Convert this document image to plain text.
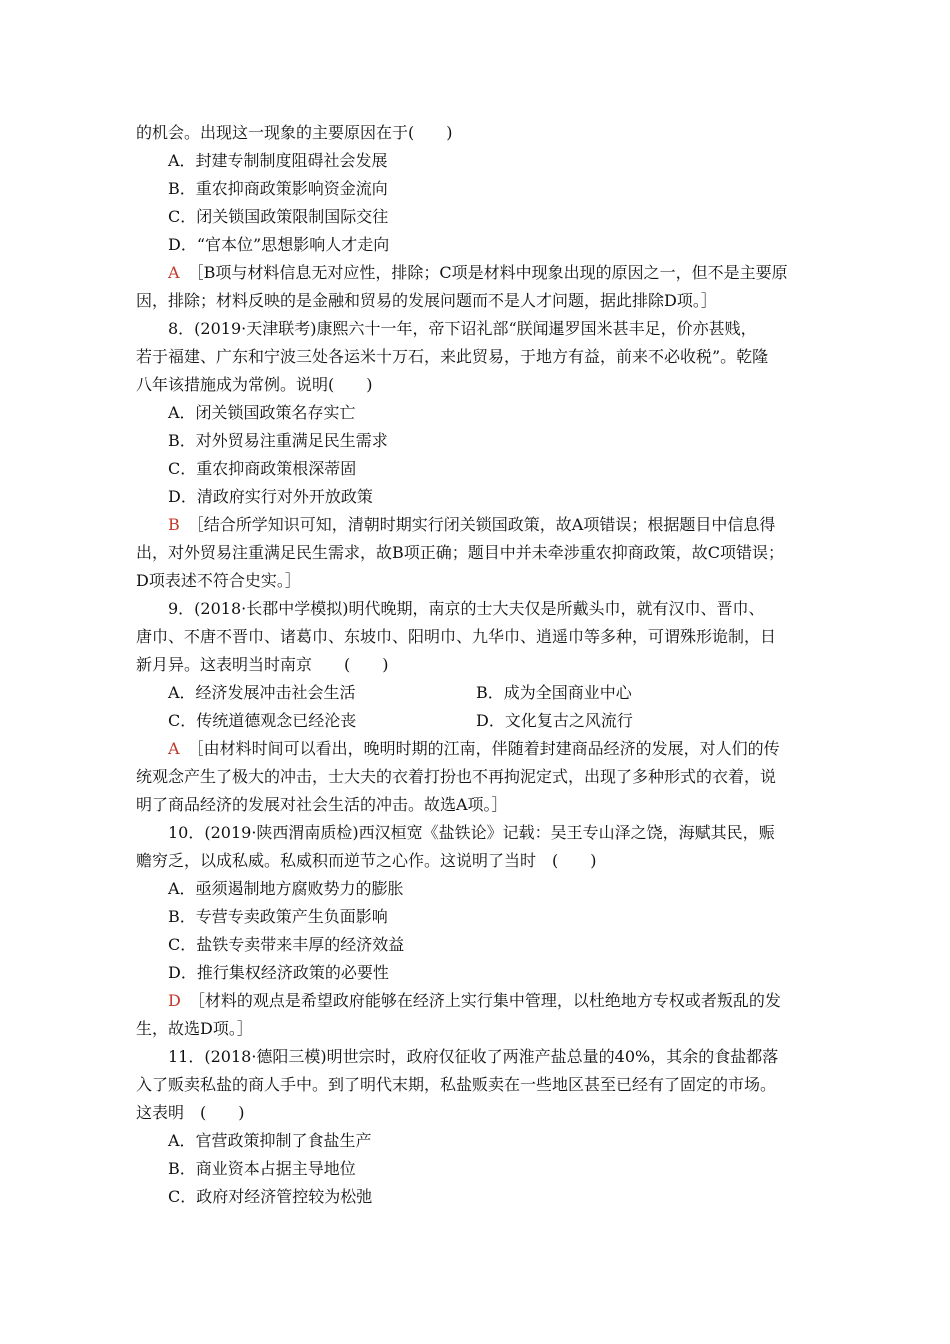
的机会。出现这一现象的主要原因在于(　　)
A．封建专制制度阻碍社会发展
B．重农抑商政策影响资金流向
C．闭关锁国政策限制国际交往
D．“官本位”思想影响人才走向
A　 ［B项与材料信息无对应性，排除；C项是材料中现象出现的原因之一，但不是主要原
因，排除；材料反映的是金融和贸易的发展问题而不是人才问题，据此排除D项。］
8．(2019·天津联考)康熙六十一年，帝下诏礼部“朕闻暹罗国米甚丰足，价亦甚贱，
若于福建、广东和宁波三处各运米十万石，来此贸易，于地方有益，前来不必收税”。乾隆
八年该措施成为常例。说明(　　)
A．闭关锁国政策名存实亡
B．对外贸易注重满足民生需求
C．重农抑商政策根深蒂固
D．清政府实行对外开放政策
B　 ［结合所学知识可知，清朝时期实行闭关锁国政策，故A项错误；根据题目中信息得
出，对外贸易注重满足民生需求，故B项正确；题目中并未牵涉重农抑商政策，故C项错误；
D项表述不符合史实。］
9．(2018·长郡中学模拟)明代晚期，南京的士大夫仅是所戴头巾，就有汉巾、晋巾、
唐巾、不唐不晋巾、诸葛巾、东坡巾、阳明巾、九华巾、逍遥巾等多种，可谓殊形诡制，日
新月异。这表明当时南京　　(　　)
A．经济发展冲击社会生活	B．成为全国商业中心
C．传统道德观念已经沦丧	D．文化复古之风流行
A　 ［由材料时间可以看出，晚明时期的江南，伴随着封建商品经济的发展，对人们的传
统观念产生了极大的冲击，士大夫的衣着打扮也不再拘泥定式，出现了多种形式的衣着，说
明了商品经济的发展对社会生活的冲击。故选A项。］
10．(2019·陕西渭南质检)西汉桓宽《盐铁论》记载：吴王专山泽之饶，海赋其民，赈
赡穷乏，以成私威。私威积而逆节之心作。这说明了当时　(　　)
A．亟须遏制地方腐败势力的膨胀
B．专营专卖政策产生负面影响
C．盐铁专卖带来丰厚的经济效益
D．推行集权经济政策的必要性
D　 ［材料的观点是希望政府能够在经济上实行集中管理，以杜绝地方专权或者叛乱的发
生，故选D项。］
11．(2018·德阳三模)明世宗时，政府仅征收了两淮产盐总量的40%，其余的食盐都落
入了贩卖私盐的商人手中。到了明代末期，私盐贩卖在一些地区甚至已经有了固定的市场。
这表明　(　　)
A．官营政策抑制了食盐生产
B．商业资本占据主导地位
C．政府对经济管控较为松弛
